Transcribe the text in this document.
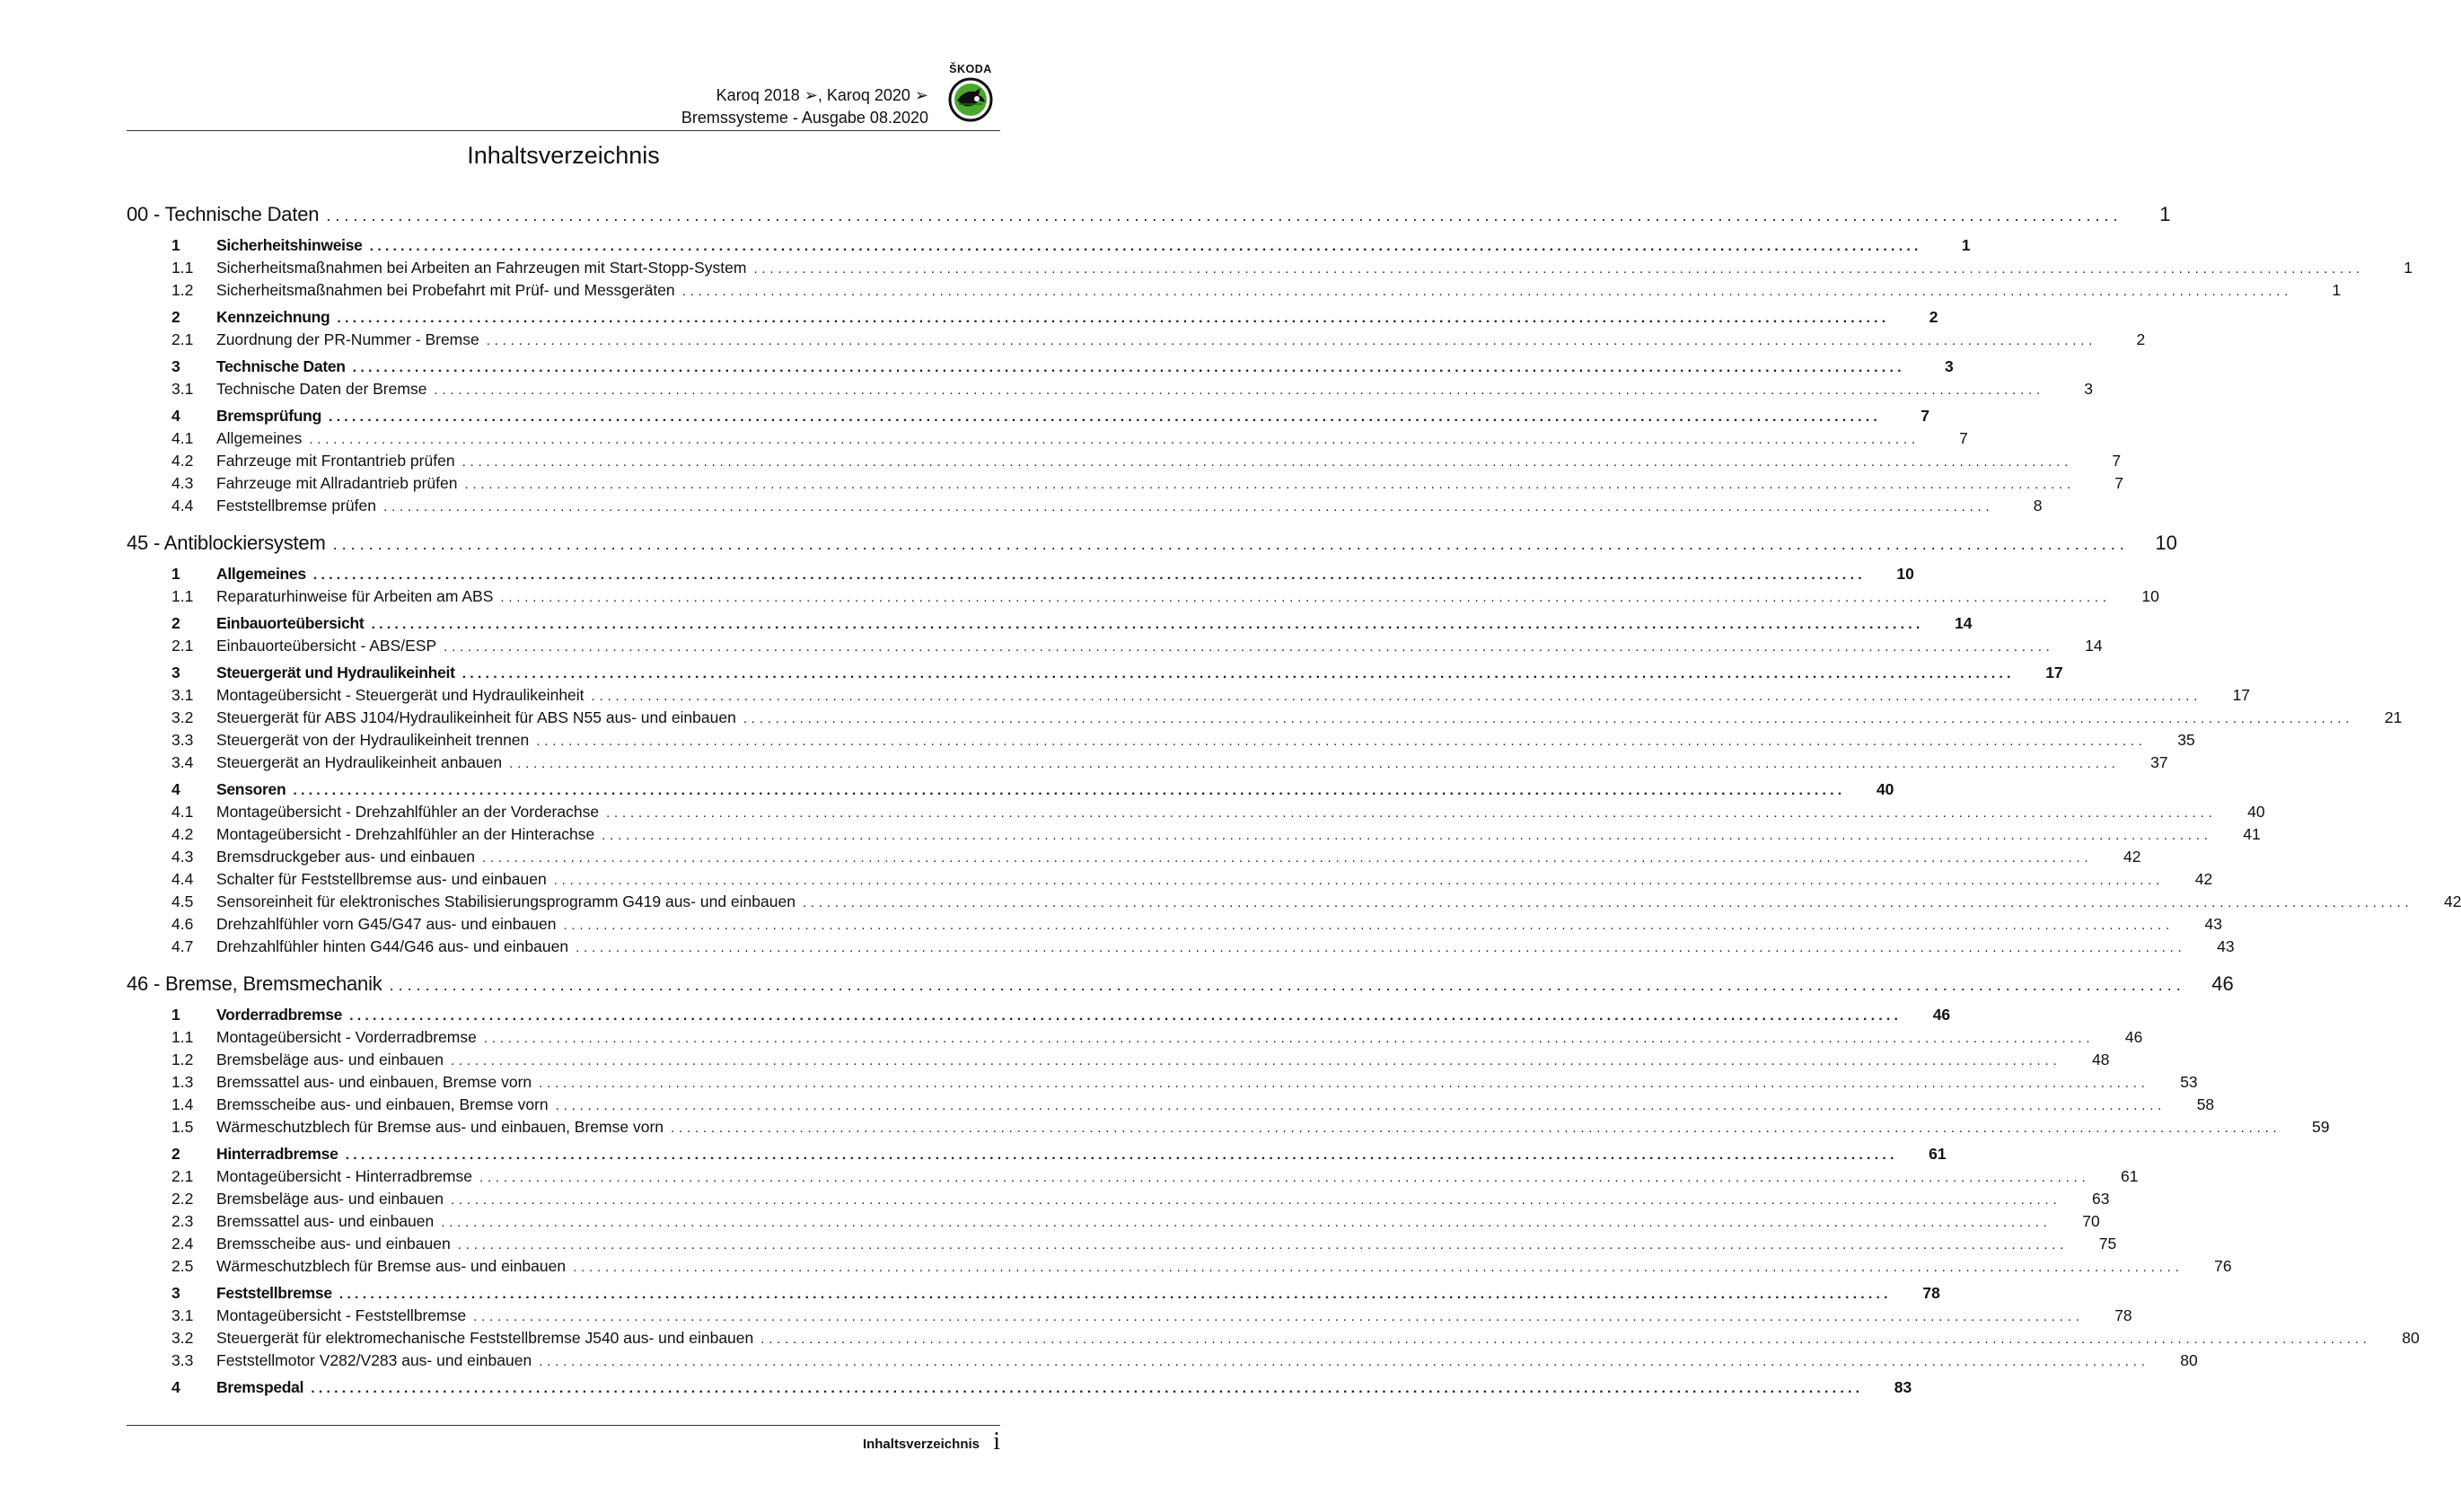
Karoq 2018 ➢, Karoq 2020 ➢
Bremssysteme - Ausgabe 08.2020
ŠKODA
Inhaltsverzeichnis
00 - Technische Daten ........................................................................................................................................................................................................	1
1	Sicherheitshinweise ........................................................................................................................................................................................................	1
1.1	Sicherheitsmaßnahmen bei Arbeiten an Fahrzeugen mit Start-Stopp-System ........................................................................................................................................................................................................	1
1.2	Sicherheitsmaßnahmen bei Probefahrt mit Prüf- und Messgeräten ........................................................................................................................................................................................................	1
2	Kennzeichnung ........................................................................................................................................................................................................	2
2.1	Zuordnung der PR-Nummer - Bremse ........................................................................................................................................................................................................	2
3	Technische Daten ........................................................................................................................................................................................................	3
3.1	Technische Daten der Bremse ........................................................................................................................................................................................................	3
4	Bremsprüfung ........................................................................................................................................................................................................	7
4.1	Allgemeines ........................................................................................................................................................................................................	7
4.2	Fahrzeuge mit Frontantrieb prüfen ........................................................................................................................................................................................................	7
4.3	Fahrzeuge mit Allradantrieb prüfen ........................................................................................................................................................................................................	7
4.4	Feststellbremse prüfen ........................................................................................................................................................................................................	8
45 - Antiblockiersystem ........................................................................................................................................................................................................	10
1	Allgemeines ........................................................................................................................................................................................................	10
1.1	Reparaturhinweise für Arbeiten am ABS ........................................................................................................................................................................................................	10
2	Einbauorteübersicht ........................................................................................................................................................................................................	14
2.1	Einbauorteübersicht - ABS/ESP ........................................................................................................................................................................................................	14
3	Steuergerät und Hydraulikeinheit ........................................................................................................................................................................................................	17
3.1	Montageübersicht - Steuergerät und Hydraulikeinheit ........................................................................................................................................................................................................	17
3.2	Steuergerät für ABS J104/Hydraulikeinheit für ABS N55 aus- und einbauen ........................................................................................................................................................................................................	21
3.3	Steuergerät von der Hydraulikeinheit trennen ........................................................................................................................................................................................................	35
3.4	Steuergerät an Hydraulikeinheit anbauen ........................................................................................................................................................................................................	37
4	Sensoren ........................................................................................................................................................................................................	40
4.1	Montageübersicht - Drehzahlfühler an der Vorderachse ........................................................................................................................................................................................................	40
4.2	Montageübersicht - Drehzahlfühler an der Hinterachse ........................................................................................................................................................................................................	41
4.3	Bremsdruckgeber aus- und einbauen ........................................................................................................................................................................................................	42
4.4	Schalter für Feststellbremse aus- und einbauen ........................................................................................................................................................................................................	42
4.5	Sensoreinheit für elektronisches Stabilisierungsprogramm G419 aus- und einbauen ........................................................................................................................................................................................................	42
4.6	Drehzahlfühler vorn G45/G47 aus- und einbauen ........................................................................................................................................................................................................	43
4.7	Drehzahlfühler hinten G44/G46 aus- und einbauen ........................................................................................................................................................................................................	43
46 - Bremse, Bremsmechanik ........................................................................................................................................................................................................	46
1	Vorderradbremse ........................................................................................................................................................................................................	46
1.1	Montageübersicht - Vorderradbremse ........................................................................................................................................................................................................	46
1.2	Bremsbeläge aus- und einbauen ........................................................................................................................................................................................................	48
1.3	Bremssattel aus- und einbauen, Bremse vorn ........................................................................................................................................................................................................	53
1.4	Bremsscheibe aus- und einbauen, Bremse vorn ........................................................................................................................................................................................................	58
1.5	Wärmeschutzblech für Bremse aus- und einbauen, Bremse vorn ........................................................................................................................................................................................................	59
2	Hinterradbremse ........................................................................................................................................................................................................	61
2.1	Montageübersicht - Hinterradbremse ........................................................................................................................................................................................................	61
2.2	Bremsbeläge aus- und einbauen ........................................................................................................................................................................................................	63
2.3	Bremssattel aus- und einbauen ........................................................................................................................................................................................................	70
2.4	Bremsscheibe aus- und einbauen ........................................................................................................................................................................................................	75
2.5	Wärmeschutzblech für Bremse aus- und einbauen ........................................................................................................................................................................................................	76
3	Feststellbremse ........................................................................................................................................................................................................	78
3.1	Montageübersicht - Feststellbremse ........................................................................................................................................................................................................	78
3.2	Steuergerät für elektromechanische Feststellbremse J540 aus- und einbauen ........................................................................................................................................................................................................	80
3.3	Feststellmotor V282/V283 aus- und einbauen ........................................................................................................................................................................................................	80
4	Bremspedal ........................................................................................................................................................................................................	83
Inhaltsverzeichnis i
